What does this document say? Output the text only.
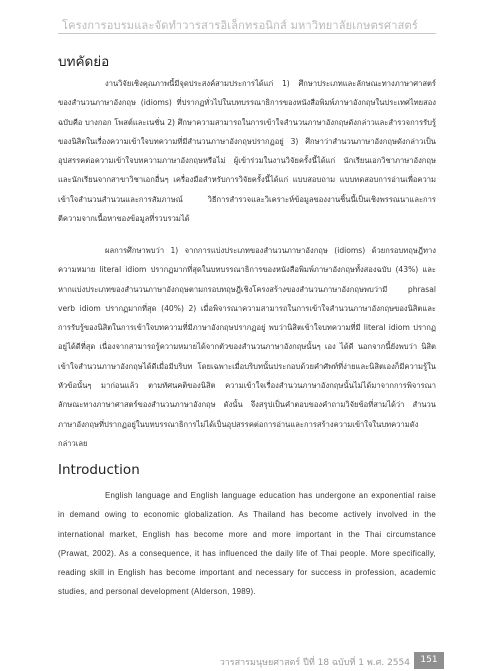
โครงการอบรมและจัดทำวารสารอิเล็กทรอนิกส์ มหาวิทยาลัยเกษตรศาสตร์
บทคัดย่อ

งานวิจัยเชิงคุณภาพนี้มีจุดประสงค์สามประการได้แก่ 1) ศึกษาประเภทและลักษณะทางภาษาศาสตร์ของสำนวนภาษาอังกฤษ (idioms) ที่ปรากฏทั่วไปในบทบรรณาธิการของหนังสือพิมพ์ภาษาอังกฤษในประเทศไทยสองฉบับคือ บางกอก โพสต์และเนชั่น 2) ศึกษาความสามารถในการเข้าใจสำนวนภาษาอังกฤษดังกล่าวและสำรวจการรับรู้ของนิสิตในเรื่องความเข้าใจบทความที่มีสำนวนภาษาอังกฤษปรากฏอยู่ 3) ศึกษาว่าสำนวนภาษาอังกฤษดังกล่าวเป็นอุปสรรคต่อความเข้าใจบทความภาษาอังกฤษหรือไม่ ผู้เข้าร่วมในงานวิจัยครั้งนี้ได้แก่ นักเรียนเอกวิชาภาษาอังกฤษและนักเรียนจากสาขาวิชาเอกอื่นๆ เครื่องมือสำหรับการวิจัยครั้งนี้ได้แก่ แบบสอบถาม แบบทดสอบการอ่านเพื่อความเข้าใจสำนวนสำนวนและการสัมภาษณ์ วิธีการสำรวจและวิเคราะห์ข้อมูลของงานชิ้นนี้เป็นเชิงพรรณนาและการตีความจากเนื้อหาของข้อมูลที่รวบรวมได้

ผลการศึกษาพบว่า 1) จากการแบ่งประเภทของสำนวนภาษาอังกฤษ (idioms) ด้วยกรอบทฤษฎีทางความหมาย literal idiom ปรากฏมากที่สุดในบทบรรณาธิการของหนังสือพิมพ์ภาษาอังกฤษทั้งสองฉบับ (43%) และหากแบ่งประเภทของสำนวนภาษาอังกฤษตามกรอบทฤษฎีเชิงโครงสร้างของสำนวนภาษาอังกฤษพบว่ามี phrasal verb idiom ปรากฏมากที่สุด (40%) 2) เมื่อพิจารณาความสามารถในการเข้าใจสำนวนภาษาอังกฤษของนิสิตและการรับรู้ของนิสิตในการเข้าใจบทความที่มีภาษาอังกฤษปรากฏอยู่ พบว่านิสิตเข้าใจบทความที่มี literal idiom ปรากฏอยู่ได้ดีที่สุด เนื่องจากสามารถรู้ความหมายได้จากตัวของสำนวนภาษาอังกฤษนั้นๆ เอง ได้ดี นอกจากนี้ยังพบว่า นิสิตเข้าใจสำนวนภาษาอังกฤษได้ดีเมื่อมีบริบท โดยเฉพาะเมื่อบริบทนั้นประกอบด้วยคำศัพท์ที่ง่ายและนิสิตเองก็มีความรู้ในหัวข้อนั้นๆ มาก่อนแล้ว ตามทัศนคติของนิสิต ความเข้าใจเรื่องสำนวนภาษาอังกฤษนั้นไม่ได้มาจากการพิจารณาลักษณะทางภาษาศาสตร์ของสำนวนภาษาอังกฤษ ดังนั้น จึงสรุปเป็นคำตอบของคำถามวิจัยข้อที่สามได้ว่า สำนวนภาษาอังกฤษที่ปรากฏอยู่ในบทบรรณาธิการไม่ได้เป็นอุปสรรคต่อการอ่านและการสร้างความเข้าใจในบทความดังกล่าวเลย

Introduction

English language and English language education has undergone an exponential raise in demand owing to economic globalization. As Thailand has become actively involved in the international market, English has become more and more important in the Thai circumstance (Prawat, 2002). As a consequence, it has influenced the daily life of Thai people. More specifically, reading skill in English has become important and necessary for success in profession, academic studies, and personal development (Alderson, 1989).

วารสารมนุษยศาสตร์ ปีที่ 18 ฉบับที่ 1 พ.ศ. 2554	151
